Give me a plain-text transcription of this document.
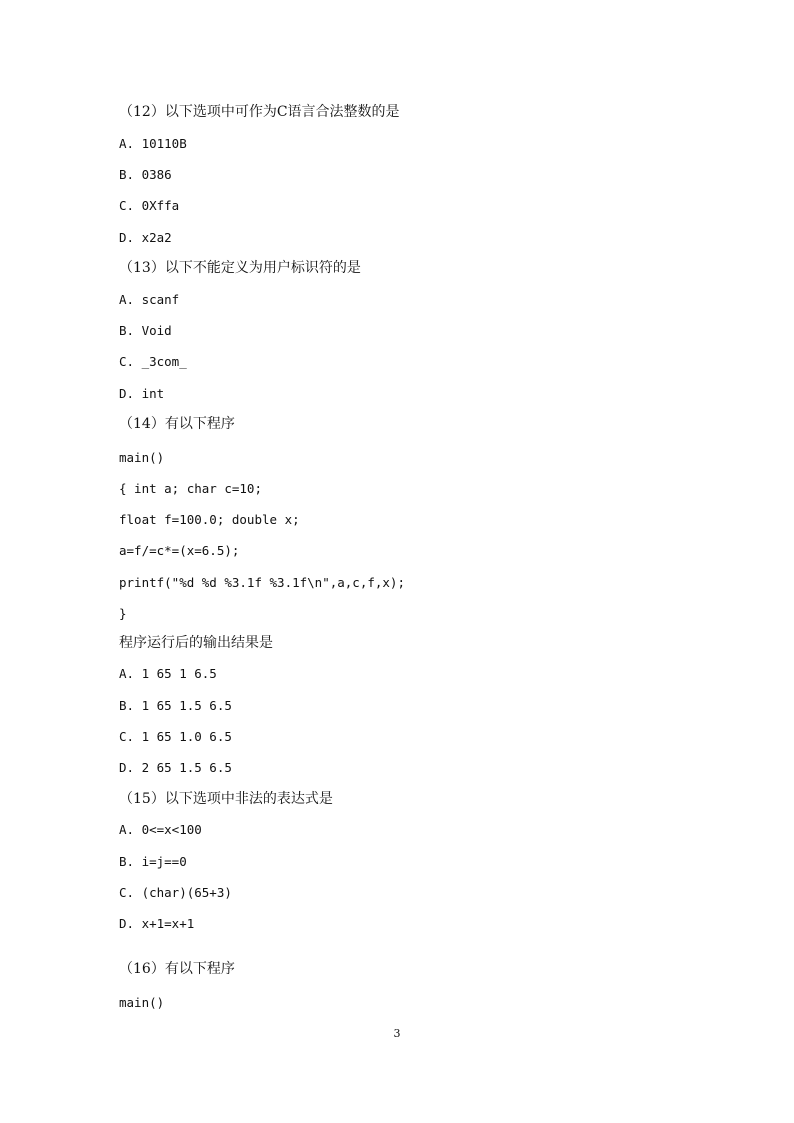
（12）以下选项中可作为C语言合法整数的是
A. 10110B
B. 0386
C. 0Xffa
D. x2a2
（13）以下不能定义为用户标识符的是
A. scanf
B. Void
C. _3com_
D. int
（14）有以下程序
main()
{ int a; char c=10;
float f=100.0; double x;
a=f/=c*=(x=6.5);
printf("%d %d %3.1f %3.1f\n",a,c,f,x);
}
程序运行后的输出结果是
A. 1 65 1 6.5
B. 1 65 1.5 6.5
C. 1 65 1.0 6.5
D. 2 65 1.5 6.5
（15）以下选项中非法的表达式是
A. 0<=x<100
B. i=j==0
C. (char)(65+3)
D. x+1=x+1
（16）有以下程序
main()
3
